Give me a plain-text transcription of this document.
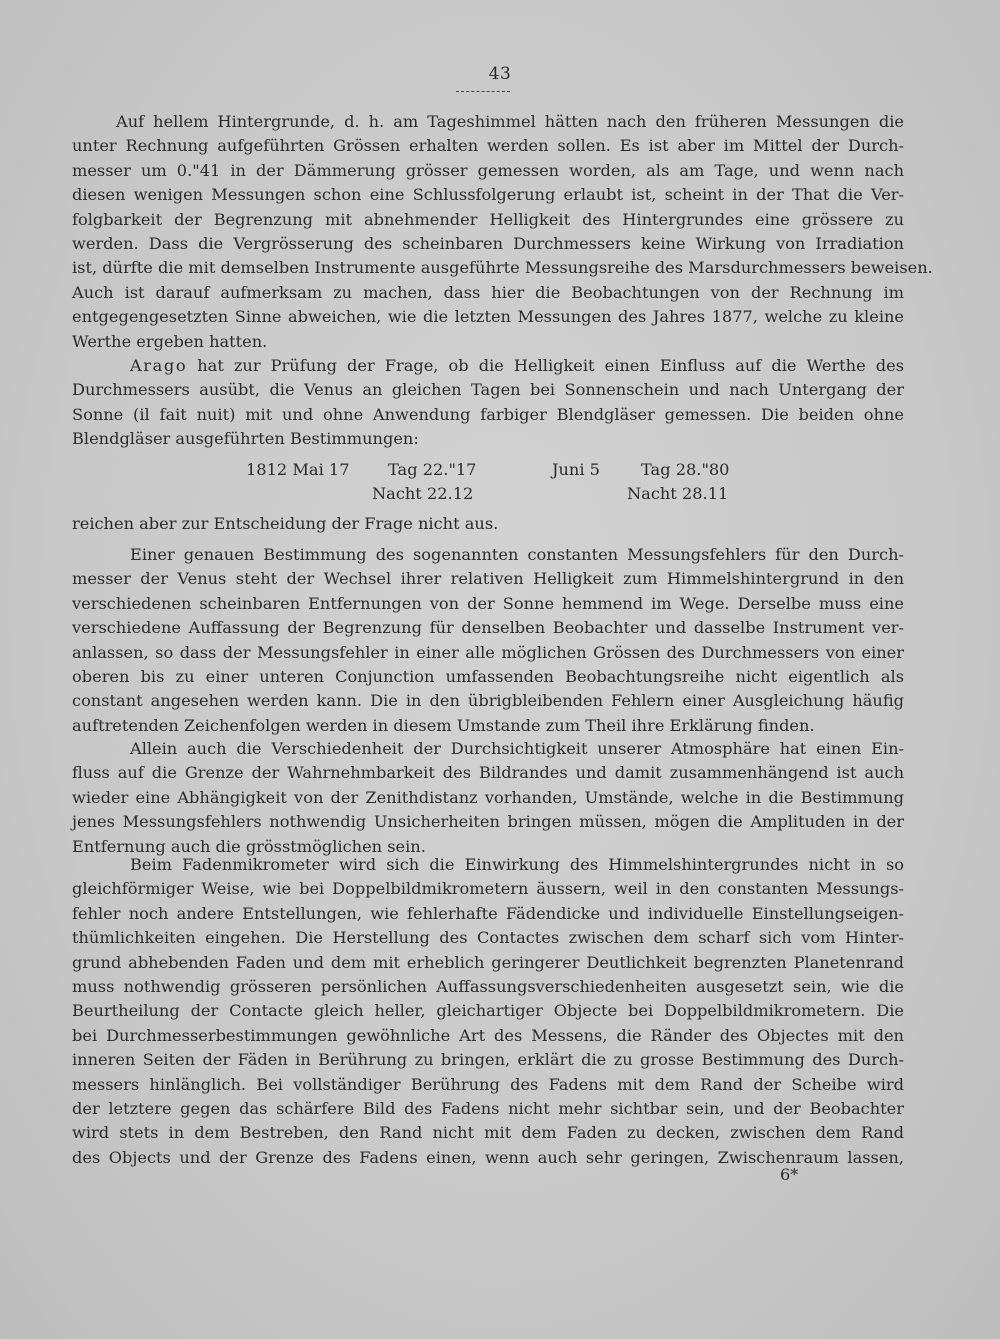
43
Auf hellem Hintergrunde, d. h. am Tageshimmel hätten nach den früheren Messungen die
unter Rechnung aufgeführten Grössen erhalten werden sollen. Es ist aber im Mittel der Durch-
messer um 0."41 in der Dämmerung grösser gemessen worden, als am Tage, und wenn nach
diesen wenigen Messungen schon eine Schlussfolgerung erlaubt ist, scheint in der That die Ver-
folgbarkeit der Begrenzung mit abnehmender Helligkeit des Hintergrundes eine grössere zu
werden. Dass die Vergrösserung des scheinbaren Durchmessers keine Wirkung von Irradiation
ist, dürfte die mit demselben Instrumente ausgeführte Messungsreihe des Marsdurchmessers beweisen.
Auch ist darauf aufmerksam zu machen, dass hier die Beobachtungen von der Rechnung im
entgegengesetzten Sinne abweichen, wie die letzten Messungen des Jahres 1877, welche zu kleine
Werthe ergeben hatten.
Arago hat zur Prüfung der Frage, ob die Helligkeit einen Einfluss auf die Werthe des
Durchmessers ausübt, die Venus an gleichen Tagen bei Sonnenschein und nach Untergang der
Sonne (il fait nuit) mit und ohne Anwendung farbiger Blendgläser gemessen. Die beiden ohne
Blendgläser ausgeführten Bestimmungen:
1812 Mai 17 Tag 22."17
Nacht 22.12
Juni 5	Tag 28."80
Nacht 28.11
reichen aber zur Entscheidung der Frage nicht aus.
Einer genauen Bestimmung des sogenannten constanten Messungsfehlers für den Durch-
messer der Venus steht der Wechsel ihrer relativen Helligkeit zum Himmelshintergrund in den
verschiedenen scheinbaren Entfernungen von der Sonne hemmend im Wege. Derselbe muss eine
verschiedene Auffassung der Begrenzung für denselben Beobachter und dasselbe Instrument ver-
anlassen, so dass der Messungsfehler in einer alle möglichen Grössen des Durchmessers von einer
oberen bis zu einer unteren Conjunction umfassenden Beobachtungsreihe nicht eigentlich als
constant angesehen werden kann. Die in den übrigbleibenden Fehlern einer Ausgleichung häufig
auftretenden Zeichenfolgen werden in diesem Umstande zum Theil ihre Erklärung finden.
Allein auch die Verschiedenheit der Durchsichtigkeit unserer Atmosphäre hat einen Ein-
fluss auf die Grenze der Wahrnehmbarkeit des Bildrandes und damit zusammenhängend ist auch
wieder eine Abhängigkeit von der Zenithdistanz vorhanden, Umstände, welche in die Bestimmung
jenes Messungsfehlers nothwendig Unsicherheiten bringen müssen, mögen die Amplituden in der
Entfernung auch die grösstmöglichen sein.
Beim Fadenmikrometer wird sich die Einwirkung des Himmelshintergrundes nicht in so
gleichförmiger Weise, wie bei Doppelbildmikrometern äussern, weil in den constanten Messungs-
fehler noch andere Entstellungen, wie fehlerhafte Fädendicke und individuelle Einstellungseigen-
thümlichkeiten eingehen. Die Herstellung des Contactes zwischen dem scharf sich vom Hinter-
grund abhebenden Faden und dem mit erheblich geringerer Deutlichkeit begrenzten Planetenrand
muss nothwendig grösseren persönlichen Auffassungsverschiedenheiten ausgesetzt sein, wie die
Beurtheilung der Contacte gleich heller, gleichartiger Objecte bei Doppelbildmikrometern. Die
bei Durchmesserbestimmungen gewöhnliche Art des Messens, die Ränder des Objectes mit den
inneren Seiten der Fäden in Berührung zu bringen, erklärt die zu grosse Bestimmung des Durch-
messers hinlänglich. Bei vollständiger Berührung des Fadens mit dem Rand der Scheibe wird
der letztere gegen das schärfere Bild des Fadens nicht mehr sichtbar sein, und der Beobachter
wird stets in dem Bestreben, den Rand nicht mit dem Faden zu decken, zwischen dem Rand
des Objects und der Grenze des Fadens einen, wenn auch sehr geringen, Zwischenraum lassen,
6*
